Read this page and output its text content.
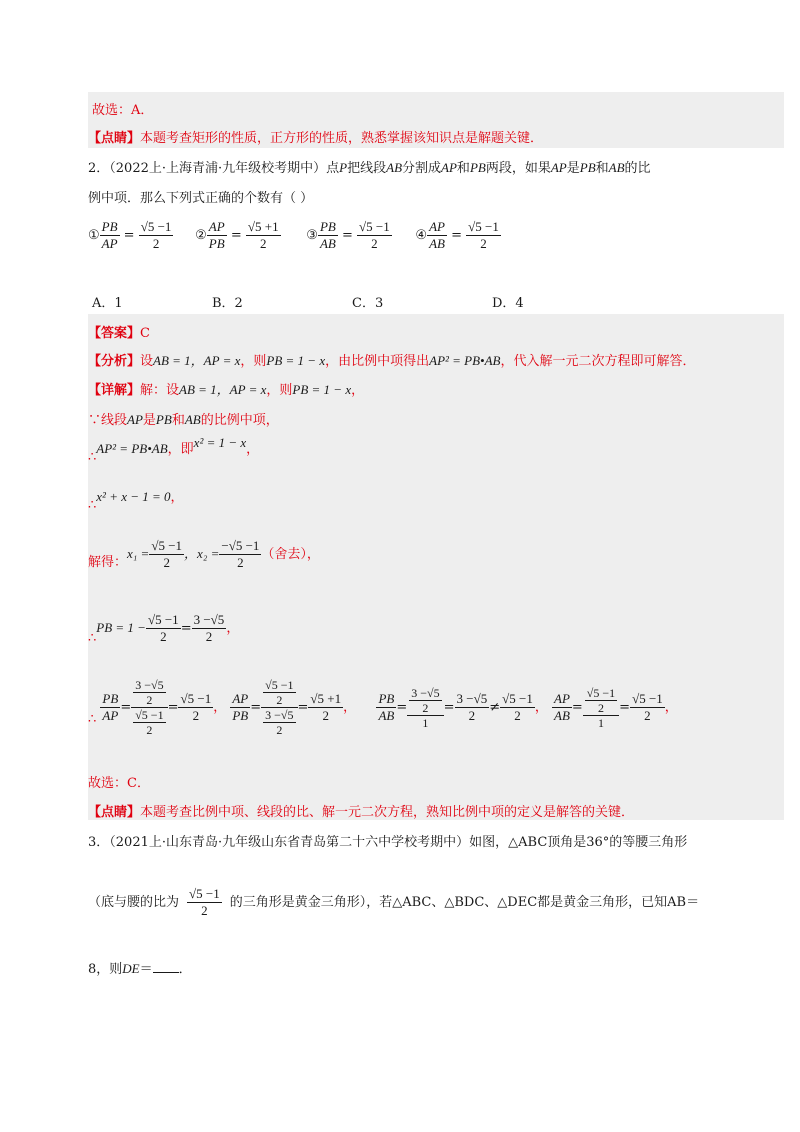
故选：A．
【点睛】本题考查矩形的性质，正方形的性质，熟悉掌握该知识点是解题关键．
2．（2022上·上海青浦·九年级校考期中）点P把线段AB分割成AP和PB两段，如果AP是PB和AB的比
例中项．那么下列式正确的个数有（ ）
① $\frac{PB}{AP} = \frac{√5 -1}{2}$ ② $\frac{AP}{PB} = \frac{√5 +1}{2}$ ③ $\frac{PB}{AB} = \frac{√5 -1}{2}$ ④ $\frac{AP}{AB} = \frac{√5 -1}{2}$
A．1	B．2	C．3	D．4
【答案】C
【分析】设AB = 1，AP = x，则PB = 1 − x，由比例中项得出AP² = PB•AB，代入解一元二次方程即可解答．
【详解】解：设AB = 1，AP = x，则PB = 1 − x，
∵线段AP是PB和AB的比例中项，
∴AP² = PB•AB，即x² = 1 − x，
∴x² + x − 1 = 0，
解得：$x_1 = \frac{√5 -1}{2}$ ，$x_2 = \frac{-√5 -1}{2}$ （舍去），
∴PB = $1 - \frac{√5 -1}{2} = \frac{3 -√5}{2}$ ，
∴ $\frac{PB}{AP} = \frac{\frac{3 -√5}{2}}{\frac{√5 -1}{2}} = \frac{√5 -1}{2}$ ， $\frac{AP}{PB} = \frac{\frac{√5 -1}{2}}{\frac{3 -√5}{2}} = \frac{√5 +1}{2}$ ， $\frac{PB}{AB} = \frac{\frac{3 -√5}{2}}{1} = \frac{3 -√5}{2} \ne \frac{√5 -1}{2}$ ， $\frac{AP}{AB} = \frac{\frac{√5 -1}{2}}{1} = \frac{√5 -1}{2}$ ，
故选：C．
【点睛】本题考查比例中项、线段的比、解一元二次方程，熟知比例中项的定义是解答的关键．
3．（2021上·山东青岛·九年级山东省青岛第二十六中学校考期中）如图，△ABC顶角是36°的等腰三角形
（底与腰的比为 $\frac{√5 -1}{2}$ 的三角形是黄金三角形），若△ABC、△BDC、△DEC都是黄金三角形，已知AB＝
8，则DE＝ ．
